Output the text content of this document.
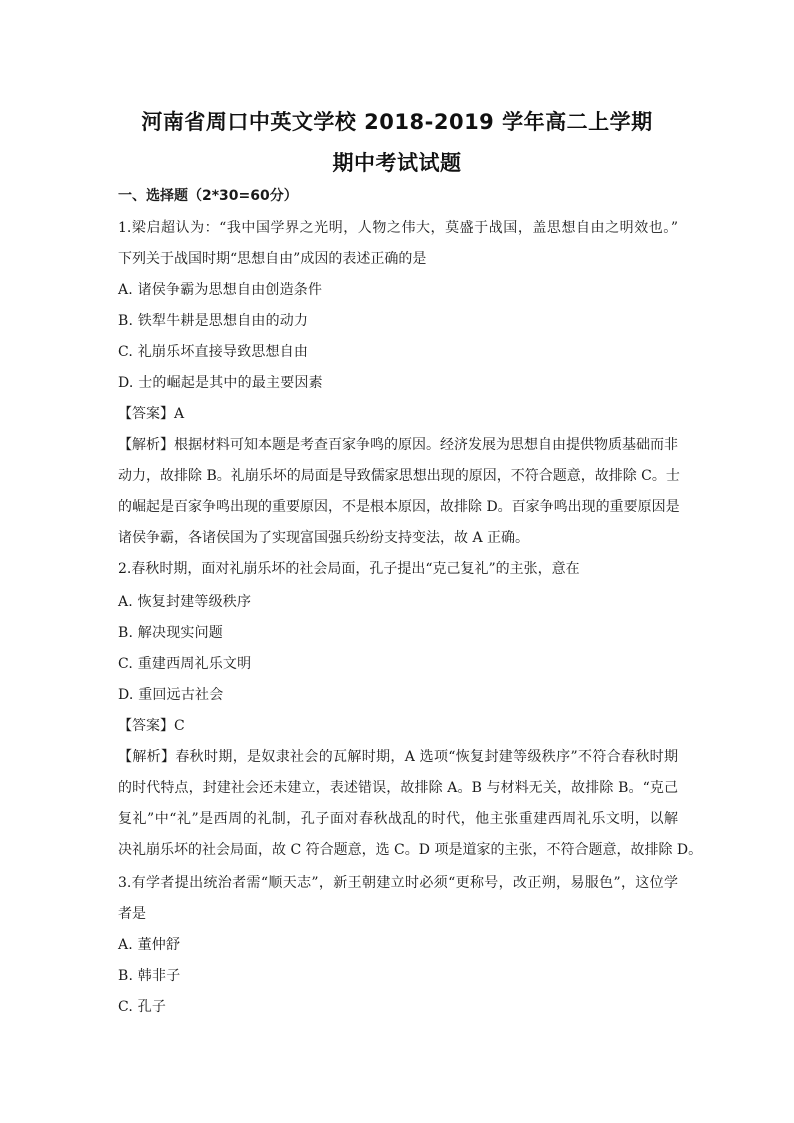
河南省周口中英文学校 2018-2019 学年高二上学期
期中考试试题
一、选择题（2*30=60分）
1.梁启超认为：“我中国学界之光明，人物之伟大，莫盛于战国，盖思想自由之明效也。”
下列关于战国时期“思想自由”成因的表述正确的是
A. 诸侯争霸为思想自由创造条件
B. 铁犁牛耕是思想自由的动力
C. 礼崩乐坏直接导致思想自由
D. 士的崛起是其中的最主要因素
【答案】A
【解析】根据材料可知本题是考查百家争鸣的原因。经济发展为思想自由提供物质基础而非
动力，故排除 B。礼崩乐坏的局面是导致儒家思想出现的原因，不符合题意，故排除 C。士
的崛起是百家争鸣出现的重要原因，不是根本原因，故排除 D。百家争鸣出现的重要原因是
诸侯争霸，各诸侯国为了实现富国强兵纷纷支持变法，故 A 正确。
2.春秋时期，面对礼崩乐坏的社会局面，孔子提出“克己复礼”的主张，意在
A. 恢复封建等级秩序
B. 解决现实问题
C. 重建西周礼乐文明
D. 重回远古社会
【答案】C
【解析】春秋时期，是奴隶社会的瓦解时期，A 选项“恢复封建等级秩序”不符合春秋时期
的时代特点，封建社会还未建立，表述错误，故排除 A。B 与材料无关，故排除 B。“克己
复礼”中“礼”是西周的礼制，孔子面对春秋战乱的时代，他主张重建西周礼乐文明，以解
决礼崩乐坏的社会局面，故 C 符合题意，选 C。D 项是道家的主张，不符合题意，故排除 D。
3.有学者提出统治者需“顺天志”，新王朝建立时必须“更称号，改正朔，易服色”，这位学
者是
A. 董仲舒
B. 韩非子
C. 孔子
